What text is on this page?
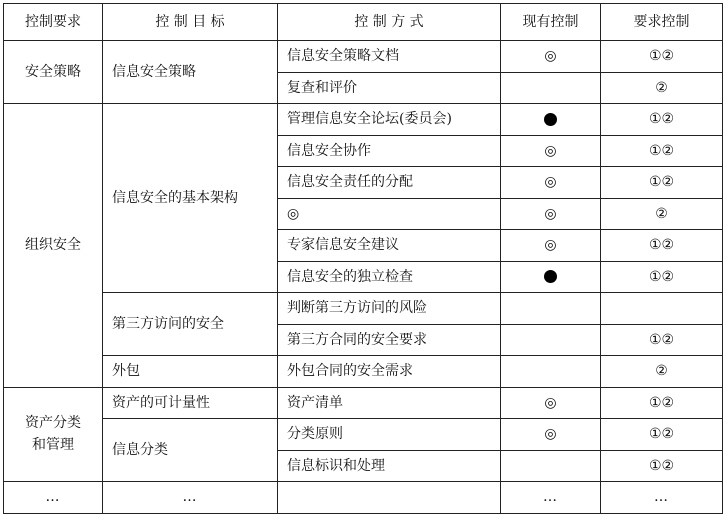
控制要求	控 制 目 标	控 制 方 式	现有控制	要求控制
安全策略	信息安全策略	信息安全策略文档	◎	①②
		复查和评价		②
组织安全	信息安全的基本架构	管理信息安全论坛(委员会)		①②
		信息安全协作	◎	①②
		信息安全责任的分配	◎	①②
		◎	◎	②
		专家信息安全建议	◎	①②
		信息安全的独立检查		①②
	第三方访问的安全	判断第三方访问的风险		
		第三方合同的安全要求		①②
	外包	外包合同的安全需求		②
资产分类
和管理	资产的可计量性	资产清单	◎	①②
	信息分类	分类原则	◎	①②
		信息标识和处理		①②
…	…		…	…
